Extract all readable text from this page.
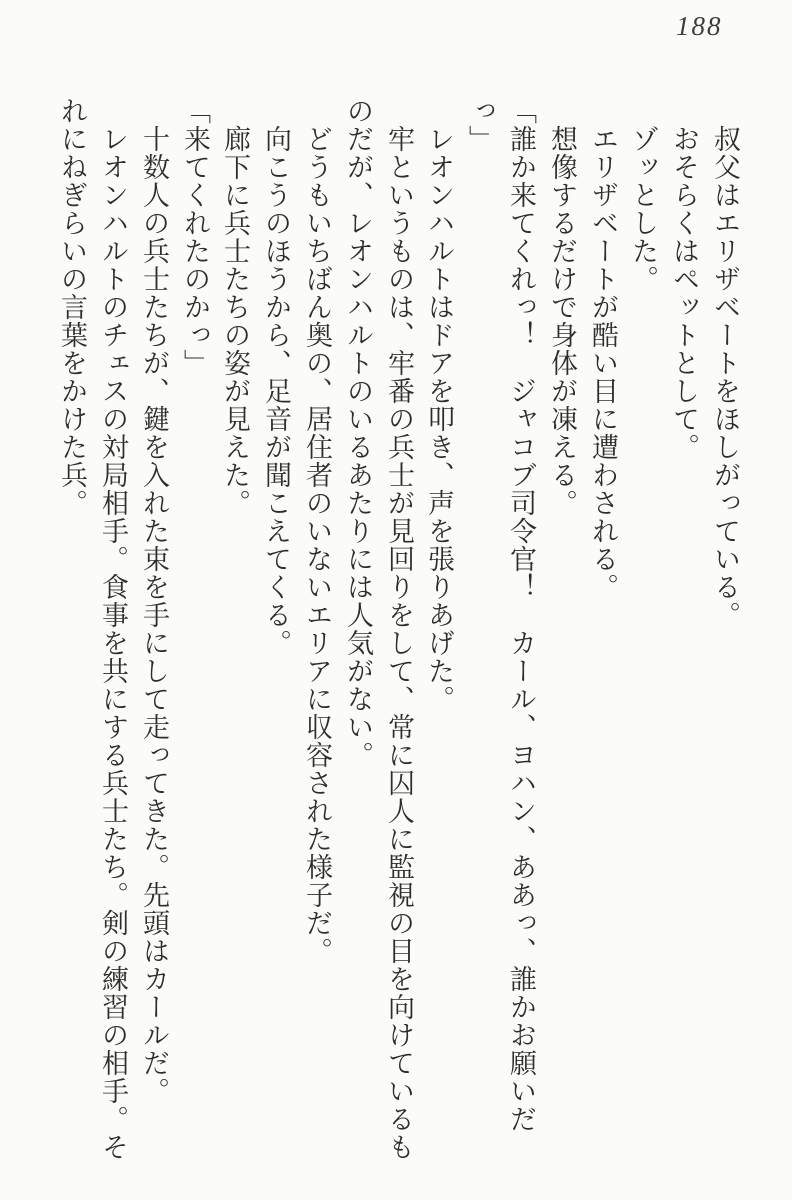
188
叔父はエリザベートをほしがっている。
おそらくはペットとして。
ゾッとした。
エリザベートが酷い目に遭わされる。
想像するだけで身体が凍える。
「誰か来てくれっ！　ジャコブ司令官！　カール、ヨハン、ああっ、誰かお願いだ
っ」
レオンハルトはドアを叩き、声を張りあげた。
牢というものは、牢番の兵士が見回りをして、常に囚人に監視の目を向けているも
のだが、レオンハルトのいるあたりには人気がない。
どうもいちばん奥の、居住者のいないエリアに収容された様子だ。
向こうのほうから、足音が聞こえてくる。
廊下に兵士たちの姿が見えた。
「来てくれたのかっ」
十数人の兵士たちが、鍵を入れた束を手にして走ってきた。先頭はカールだ。
レオンハルトのチェスの対局相手。食事を共にする兵士たち。剣の練習の相手。そ
れにねぎらいの言葉をかけた兵。
